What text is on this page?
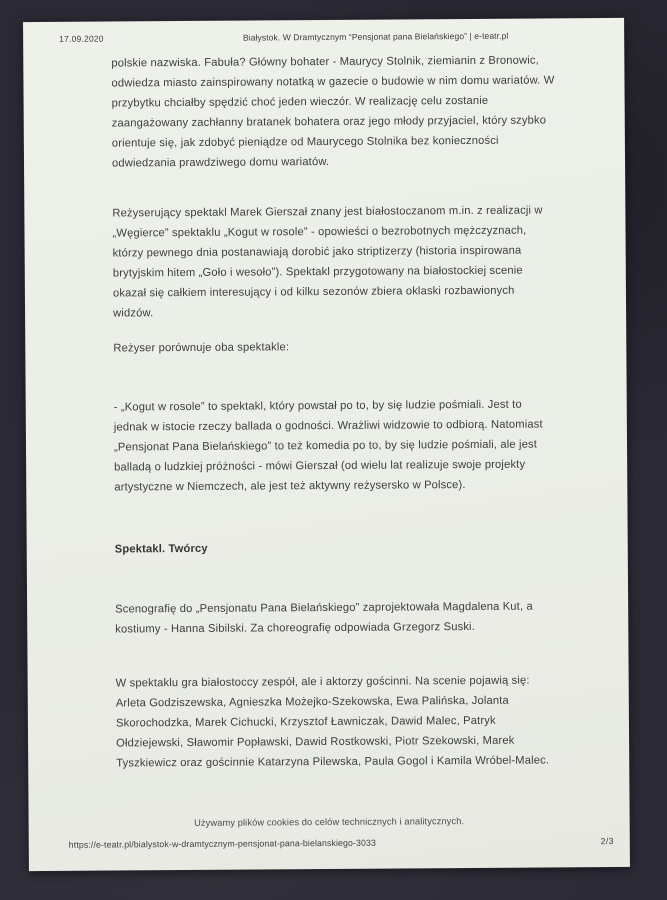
17.09.2020	Białystok. W Dramtycznym “Pensjonat pana Bielańskiego” | e-teatr.pl

polskie nazwiska. Fabuła? Główny bohater - Maurycy Stolnik, ziemianin z Bronowic, odwiedza miasto zainspirowany notatką w gazecie o budowie w nim domu wariatów. W przybytku chciałby spędzić choć jeden wieczór. W realizację celu zostanie zaangażowany zachłanny bratanek bohatera oraz jego młody przyjaciel, który szybko orientuje się, jak zdobyć pieniądze od Maurycego Stolnika bez konieczności odwiedzania prawdziwego domu wariatów.

Reżyserujący spektakl Marek Gierszał znany jest białostoczanom m.in. z realizacji w „Węgierce” spektaklu „Kogut w rosole” - opowieści o bezrobotnych mężczyznach, którzy pewnego dnia postanawiają dorobić jako striptizerzy (historia inspirowana brytyjskim hitem „Goło i wesoło”). Spektakl przygotowany na białostockiej scenie okazał się całkiem interesujący i od kilku sezonów zbiera oklaski rozbawionych widzów.

Reżyser porównuje oba spektakle:

- „Kogut w rosole” to spektakl, który powstał po to, by się ludzie pośmiali. Jest to jednak w istocie rzeczy ballada o godności. Wrażliwi widzowie to odbiorą. Natomiast „Pensjonat Pana Bielańskiego” to też komedia po to, by się ludzie pośmiali, ale jest balladą o ludzkiej próżności - mówi Gierszał (od wielu lat realizuje swoje projekty artystyczne w Niemczech, ale jest też aktywny reżysersko w Polsce).

Spektakl. Twórcy

Scenografię do „Pensjonatu Pana Bielańskiego” zaprojektowała Magdalena Kut, a kostiumy - Hanna Sibilski. Za choreografię odpowiada Grzegorz Suski.

W spektaklu gra białostoccy zespół, ale i aktorzy gościnni. Na scenie pojawią się: Arleta Godziszewska, Agnieszka Możejko-Szekowska, Ewa Palińska, Jolanta Skorochodzka, Marek Cichucki, Krzysztof Ławniczak, Dawid Malec, Patryk Ołdziejewski, Sławomir Popławski, Dawid Rostkowski, Piotr Szekowski, Marek Tyszkiewicz oraz gościnnie Katarzyna Pilewska, Paula Gogol i Kamila Wróbel-Malec.

Używamy plików cookies do celów technicznych i analitycznych.
https://e-teatr.pl/bialystok-w-dramtycznym-pensjonat-pana-bielanskiego-3033	2/3
